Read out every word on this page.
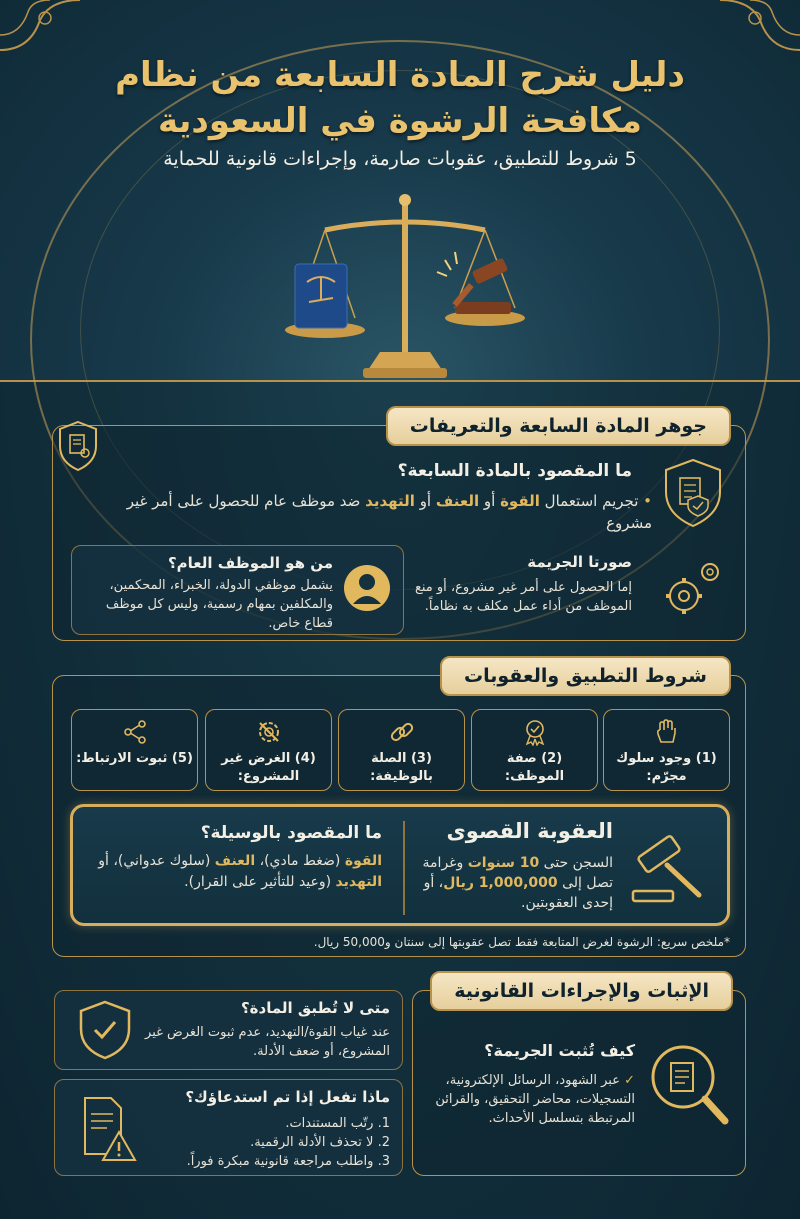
دليل شرح المادة السابعة من نظام
مكافحة الرشوة في السعودية
5 شروط للتطبيق، عقوبات صارمة، وإجراءات قانونية للحماية
جوهر المادة السابعة والتعريفات
ما المقصود بالمادة السابعة؟
• تجريم استعمال القوة أو العنف أو التهديد ضد موظف عام للحصول على أمر غير مشروع
صورتا الجريمة
إما الحصول على أمر غير مشروع، أو منع الموظف من أداء عمل مكلف به نظاماً.
من هو الموظف العام؟
يشمل موظفي الدولة، الخبراء، المحكمين، والمكلفين بمهام رسمية، وليس كل موظف قطاع خاص.
شروط التطبيق والعقوبات
(1) وجود سلوك مجرّم:
(2) صفة الموظف:
(3) الصلة بالوظيفة:
(4) الغرض غير المشروع:
(5) ثبوت الارتباط:
العقوبة القصوى
السجن حتى 10 سنوات وغرامة تصل إلى 1,000,000 ريال، أو إحدى العقوبتين.
ما المقصود بالوسيلة؟
القوة (ضغط مادي)، العنف (سلوك عدواني)، أو التهديد (وعيد للتأثير على القرار).
*ملخص سريع: الرشوة لغرض المتابعة فقط تصل عقوبتها إلى سنتان و50,000 ريال.
الإثبات والإجراءات القانونية
كيف تُثبت الجريمة؟
✓ عبر الشهود، الرسائل الإلكترونية، التسجيلات، محاضر التحقيق، والقرائن المرتبطة بتسلسل الأحداث.
متى لا تُطبق المادة؟
عند غياب القوة/التهديد، عدم ثبوت الغرض غير المشروع، أو ضعف الأدلة.
ماذا تفعل إذا تم استدعاؤك؟
1. رتّب المستندات.
2. لا تحذف الأدلة الرقمية.
3. واطلب مراجعة قانونية مبكرة فوراً.
